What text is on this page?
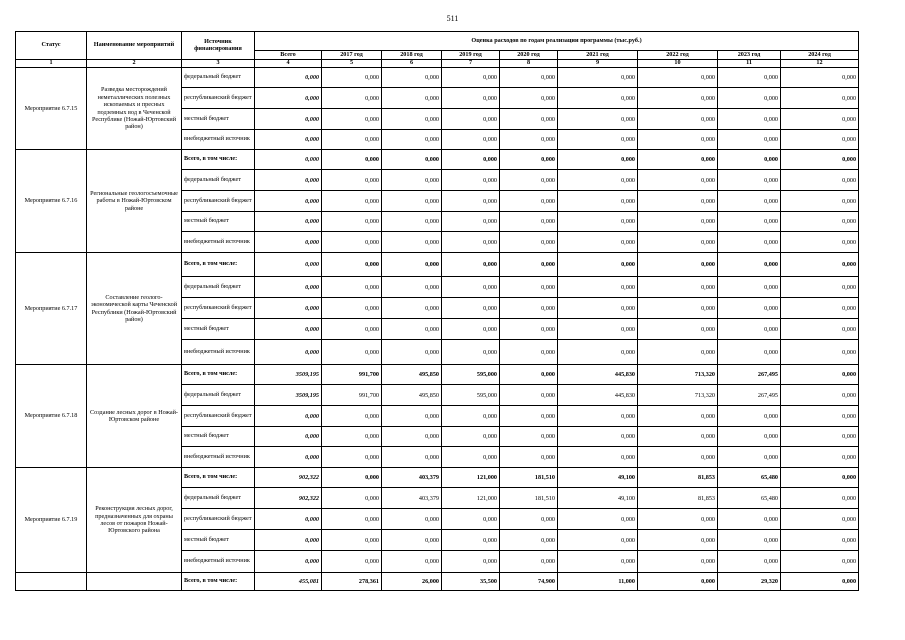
511
Статус	Наименование мероприятий	Источник финансирования	Оценка расходов по годам реализации программы (тыс.руб.)								
			Всего	2017 год	2018 год	2019 год	2020 год	2021 год	2022 год	2023 год	2024 год
1	2	3	4	5	6	7	8	9	10	11	12
Мероприятие 6.7.15	Разведка месторождений неметаллических полезных ископаемых и пресных подземных вод в Чеченской Республике (Ножай-Юртовский район)	федеральный бюджет	0,000	0,000	0,000	0,000	0,000	0,000	0,000	0,000	0,000
		республиканский бюджет	0,000	0,000	0,000	0,000	0,000	0,000	0,000	0,000	0,000
		местный бюджет	0,000	0,000	0,000	0,000	0,000	0,000	0,000	0,000	0,000
		внебюджетный источник	0,000	0,000	0,000	0,000	0,000	0,000	0,000	0,000	0,000
Мероприятие 6.7.16	Региональные геологосъемочные работы в Ножай-Юртовском районе	Всего, в том числе:	0,000	0,000	0,000	0,000	0,000	0,000	0,000	0,000	0,000
		федеральный бюджет	0,000	0,000	0,000	0,000	0,000	0,000	0,000	0,000	0,000
		республиканский бюджет	0,000	0,000	0,000	0,000	0,000	0,000	0,000	0,000	0,000
		местный бюджет	0,000	0,000	0,000	0,000	0,000	0,000	0,000	0,000	0,000
		внебюджетный источник	0,000	0,000	0,000	0,000	0,000	0,000	0,000	0,000	0,000
Мероприятие 6.7.17	Составление геолого-экономической карты Чеченской Республики (Ножай-Юртовский район)	Всего, в том числе:	0,000	0,000	0,000	0,000	0,000	0,000	0,000	0,000	0,000
		федеральный бюджет	0,000	0,000	0,000	0,000	0,000	0,000	0,000	0,000	0,000
		республиканский бюджет	0,000	0,000	0,000	0,000	0,000	0,000	0,000	0,000	0,000
		местный бюджет	0,000	0,000	0,000	0,000	0,000	0,000	0,000	0,000	0,000
		внебюджетный источник	0,000	0,000	0,000	0,000	0,000	0,000	0,000	0,000	0,000
Мероприятие 6.7.18	Создание лесных дорог в Ножай-Юртовском районе	Всего, в том числе:	3509,195	991,700	495,850	595,000	0,000	445,830	713,320	267,495	0,000
		федеральный бюджет	3509,195	991,700	495,850	595,000	0,000	445,830	713,320	267,495	0,000
		республиканский бюджет	0,000	0,000	0,000	0,000	0,000	0,000	0,000	0,000	0,000
		местный бюджет	0,000	0,000	0,000	0,000	0,000	0,000	0,000	0,000	0,000
		внебюджетный источник	0,000	0,000	0,000	0,000	0,000	0,000	0,000	0,000	0,000
Мероприятие 6.7.19	Реконструкция лесных дорог, предназначенных для охраны лесов от пожаров Ножай-Юртовского района	Всего, в том числе:	902,322	0,000	403,379	121,000	181,510	49,100	81,853	65,480	0,000
		федеральный бюджет	902,322	0,000	403,379	121,000	181,510	49,100	81,853	65,480	0,000
		республиканский бюджет	0,000	0,000	0,000	0,000	0,000	0,000	0,000	0,000	0,000
		местный бюджет	0,000	0,000	0,000	0,000	0,000	0,000	0,000	0,000	0,000
		внебюджетный источник	0,000	0,000	0,000	0,000	0,000	0,000	0,000	0,000	0,000
		Всего, в том числе:	455,081	278,361	26,000	35,500	74,900	11,000	0,000	29,320	0,000
